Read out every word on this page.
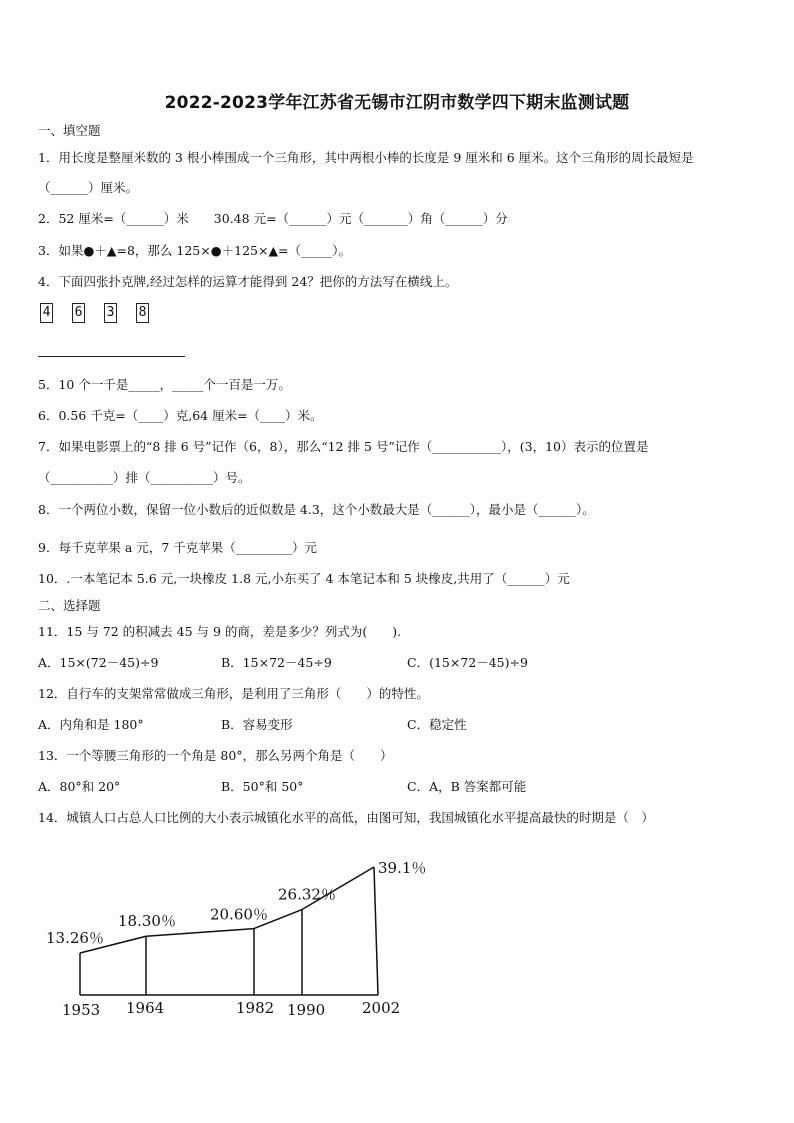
2022-2023学年江苏省无锡市江阴市数学四下期末监测试题
一、填空题
1．用长度是整厘米数的 3 根小棒围成一个三角形，其中两根小棒的长度是 9 厘米和 6 厘米。这个三角形的周长最短是
（______）厘米。
2．52 厘米=（______）米　　30.48 元=（______）元（_______）角（______）分
3．如果●＋▲=8，那么 125×●＋125×▲=（_____）。
4．下面四张扑克牌,经过怎样的运算才能得到 24？把你的方法写在横线上。
4 6 3 8
5．10 个一千是_____，_____个一百是一万。
6．0.56 千克=（____）克,64 厘米=（____）米。
7．如果电影票上的“8 排 6 号”记作（6，8），那么“12 排 5 号”记作（___________），(3，10）表示的位置是
（__________）排（__________）号。
8．一个两位小数，保留一位小数后的近似数是 4.3，这个小数最大是（______），最小是（______）。
9．每千克苹果 a 元，7 千克苹果（_________）元
10．.一本笔记本 5.6 元,一块橡皮 1.8 元,小东买了 4 本笔记本和 5 块橡皮,共用了（______）元
二、选择题
11．15 与 72 的积减去 45 与 9 的商，差是多少？列式为(　　).
A．15×(72－45)÷9	B．15×72－45÷9	C．(15×72－45)÷9
12．自行车的支架常常做成三角形，是利用了三角形（　　）的特性。
A．内角和是 180°	B．容易变形	C．稳定性
13．一个等腰三角形的一个角是 80°，那么另两个角是（　　）
A．80°和 20°	B．50°和 50°	C．A，B 答案都可能
14．城镇人口占总人口比例的大小表示城镇化水平的高低，由图可知，我国城镇化水平提高最快的时期是（　）
13.26％
18.30％ 20.60％
26.32％
39.1％
1953 1964	1982 1990 2002
